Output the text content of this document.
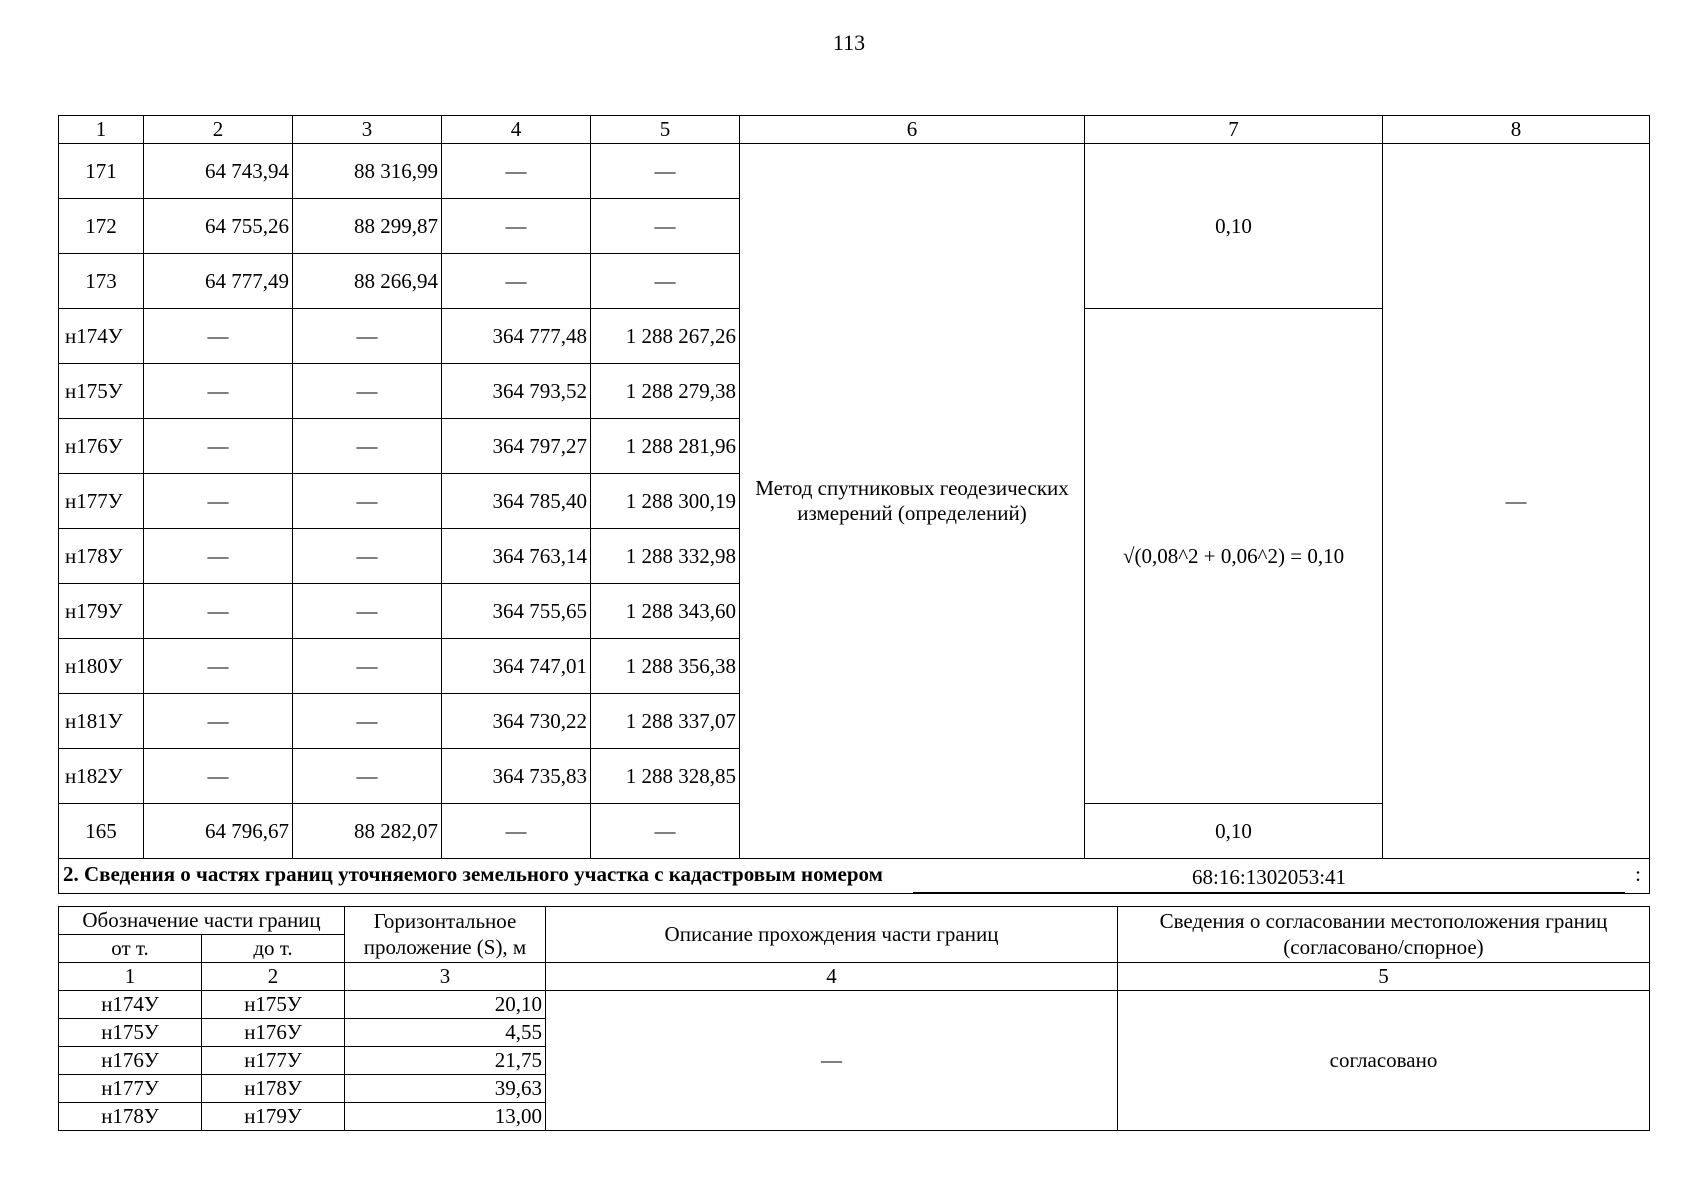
113
1	2	3	4	5	6	7	8
171	64 743,94	88 316,99	—	—	Метод спутниковых геодезических измерений (определений)	0,10	—
172	64 755,26	88 299,87	—	—			
173	64 777,49	88 266,94	—	—			
н174У	—	—	364 777,48	1 288 267,26		√(0,08^2 + 0,06^2) = 0,10	
н175У	—	—	364 793,52	1 288 279,38			
н176У	—	—	364 797,27	1 288 281,96			
н177У	—	—	364 785,40	1 288 300,19			
н178У	—	—	364 763,14	1 288 332,98			
н179У	—	—	364 755,65	1 288 343,60			
н180У	—	—	364 747,01	1 288 356,38			
н181У	—	—	364 730,22	1 288 337,07			
н182У	—	—	364 735,83	1 288 328,85			
165	64 796,67	88 282,07	—	—		0,10	

2. Сведения о частях границ уточняемого земельного участка с кадастровым номером 68:16:1302053:41 :							
Обозначение части границ		Горизонтальное проложение (S), м	Описание прохождения части границ	Сведения о согласовании местоположения границ (согласовано/спорное)
от т.	до т.			
1	2	3	4	5
н174У	н175У	20,10	—	согласовано
н175У	н176У	4,55		
н176У	н177У	21,75		
н177У	н178У	39,63		
н178У	н179У	13,00		
